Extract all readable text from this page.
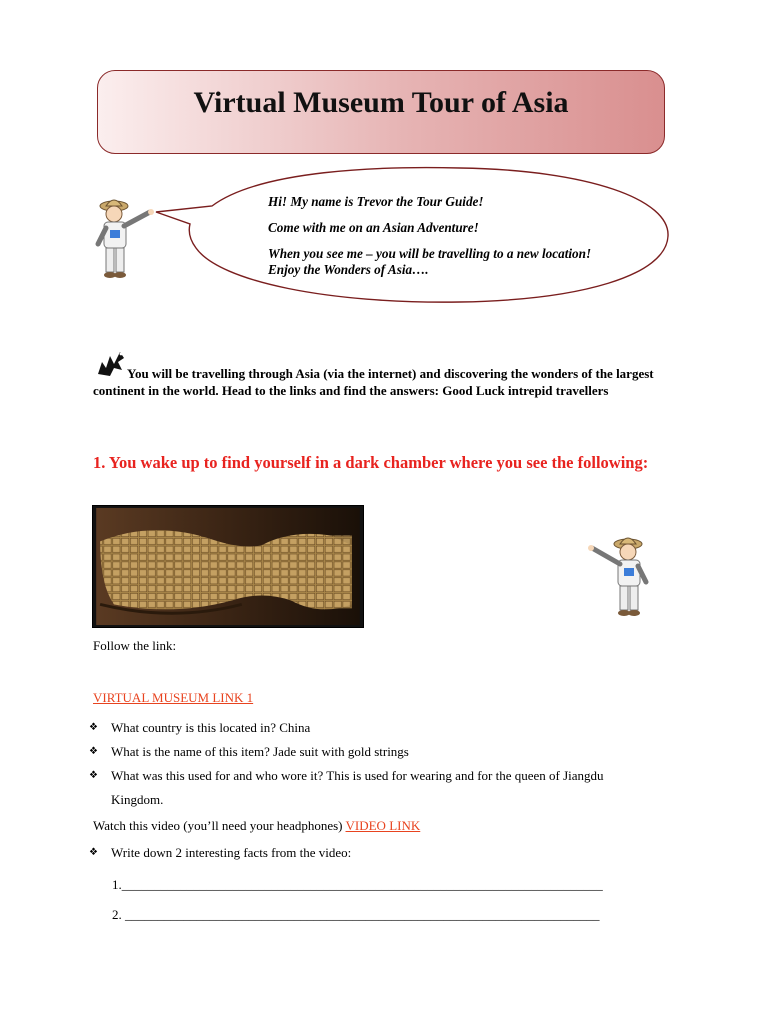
Virtual Museum Tour of Asia

Hi! My name is Trevor the Tour Guide!

Come with me on an Asian Adventure!

When you see me – you will be travelling to a new location!

Enjoy the Wonders of Asia….

You will be travelling through Asia (via the internet) and discovering the wonders of the largest continent in the world. Head to the links and find the answers: Good Luck intrepid travellers
1. You wake up to find yourself in a dark chamber where you see the following:
Follow the link:
VIRTUAL MUSEUM LINK 1
❖	What country is this located in? China
❖	What is the name of this item? Jade suit with gold strings
❖	What was this used for and who wore it? This is used for wearing and for the queen of Jiangdu
Kingdom.
Watch this video (you’ll need your headphones) VIDEO LINK
❖	Write down 2 interesting facts from the video:
1.__________________________________________________________________________
2. _________________________________________________________________________
